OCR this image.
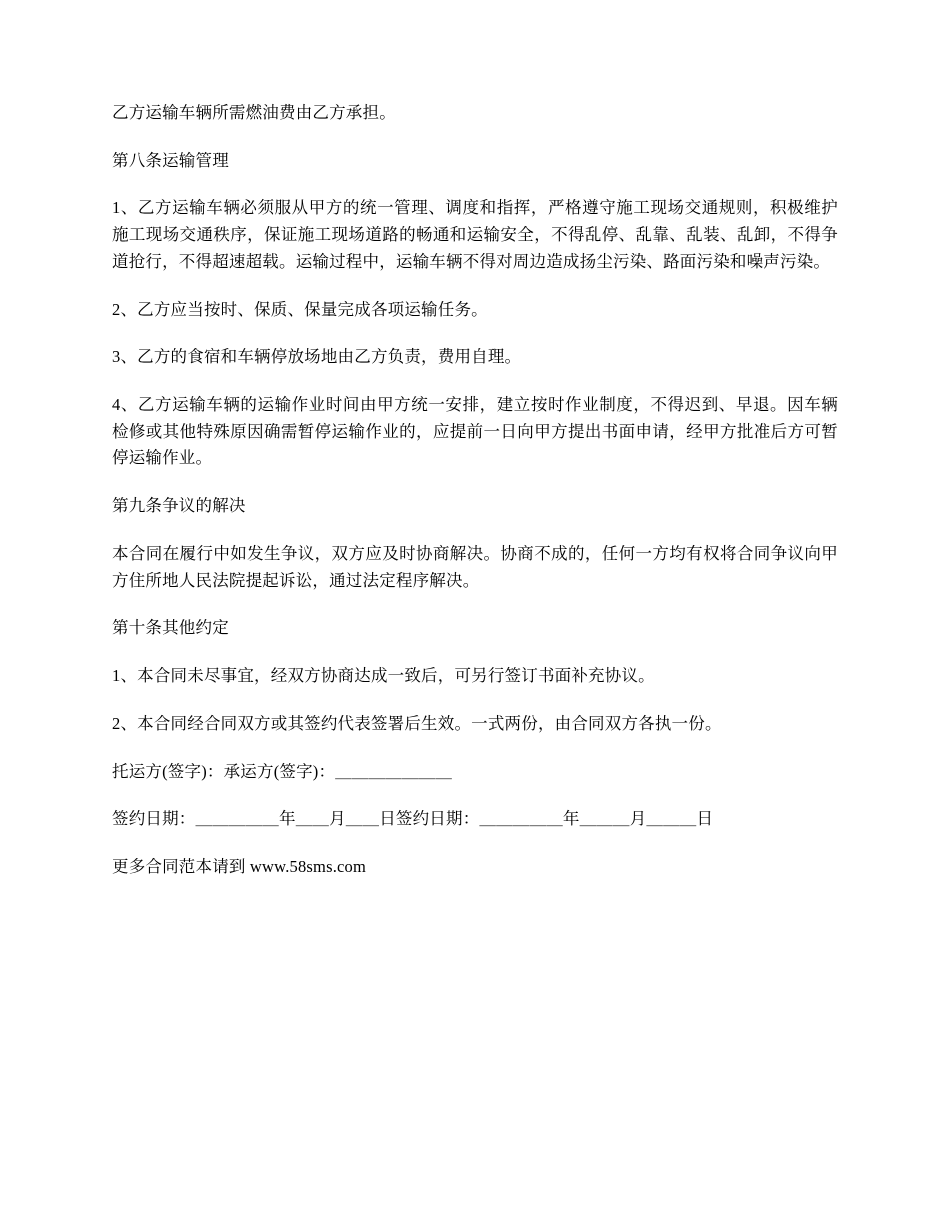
乙方运输车辆所需燃油费由乙方承担。

第八条运输管理

1、乙方运输车辆必须服从甲方的统一管理、调度和指挥，严格遵守施工现场交通规则，积极维护施工现场交通秩序，保证施工现场道路的畅通和运输安全，不得乱停、乱靠、乱装、乱卸，不得争道抢行，不得超速超载。运输过程中，运输车辆不得对周边造成扬尘污染、路面污染和噪声污染。

2、乙方应当按时、保质、保量完成各项运输任务。

3、乙方的食宿和车辆停放场地由乙方负责，费用自理。

4、乙方运输车辆的运输作业时间由甲方统一安排，建立按时作业制度，不得迟到、早退。因车辆检修或其他特殊原因确需暂停运输作业的，应提前一日向甲方提出书面申请，经甲方批准后方可暂停运输作业。

第九条争议的解决

本合同在履行中如发生争议，双方应及时协商解决。协商不成的，任何一方均有权将合同争议向甲方住所地人民法院提起诉讼，通过法定程序解决。

第十条其他约定

1、本合同未尽事宜，经双方协商达成一致后，可另行签订书面补充协议。

2、本合同经合同双方或其签约代表签署后生效。一式两份，由合同双方各执一份。

托运方(签字)：承运方(签字)：＿＿＿＿＿＿＿

签约日期：＿＿＿＿＿年＿＿月＿＿日签约日期：＿＿＿＿＿年＿＿＿月＿＿＿日

更多合同范本请到 www.58sms.com
